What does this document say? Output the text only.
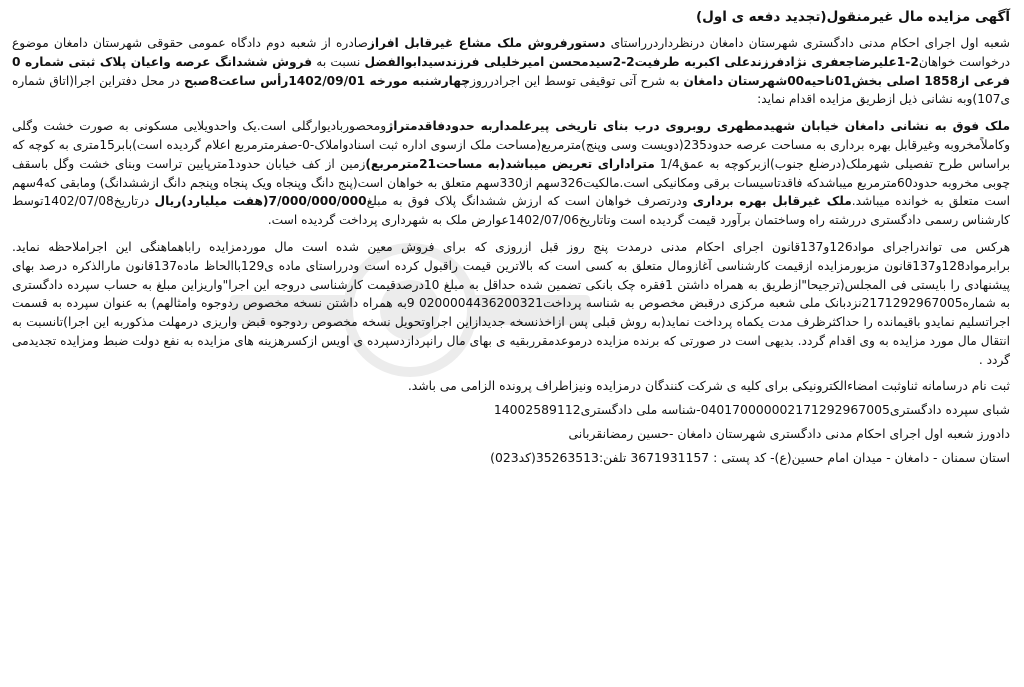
آگهی مزایده مال غیرمنقول(تجدید دفعه ی اول)

شعبه اول اجرای احکام مدنی دادگستری شهرستان دامغان درنظرداردرراستای دستورفروش ملک مشاع غیرقابل افرازصادره از شعبه دوم دادگاه عمومی حقوقی شهرستان دامغان موضوع درخواست خواهان2-1علیرضاجعفری نژادفرزندعلی اکبربه طرفیت2-2سیدمحسن امیرخلیلی فرزندسیدابوالفضل نسبت به فروش ششدانگ عرصه واعیان پلاک ثبتی شماره 0 فرعی از1858 اصلی بخش01ناحیه00شهرستان دامغان به شرح آتی توقیفی توسط این اجرادرروزچهارشنبه مورخه 1402/09/01رأس ساعت8صبح در محل دفتراین اجرا(اتاق شماره ی107)وبه نشانی ذیل ازطریق مزایده اقدام نماید:

ملک فوق به نشانی دامغان خیابان شهیدمطهری روبروی درب بنای تاریخی پیرعلمداربه حدودفاقدمتراژومحصورباديوارگلی است.یک واحدویلایی مسکونی به صورت خشت وگلی وکاملاًمخروبه وغیرقابل بهره برداری به مساحت عرصه حدود235(دویست وسی وپنج)مترمربع(مساحت ملک ازسوی اداره ثبت اسنادواملاک-0-صفرمترمربع اعلام گردیده است)بابر15متری به کوچه که براساس طرح تفصیلی شهرملک(درضلع جنوب)ازبرکوچه به عمق1/4 مترادارای تعریض میباشد(به مساحت21مترمربع)زمین از کف خیابان حدود1مترپایین تراست وبنای خشت وگل باسقف چوبی مخروبه حدود60مترمربع میباشدکه فاقدتاسیسات برقی ومکانیکی است.مالکیت326سهم از330سهم متعلق به خواهان است(پنج دانگ وپنجاه ویک پنجاه وپنجم دانگ ازششدانگ) ومابقی که4سهم است متعلق به خوانده میباشد.ملک غیرقابل بهره برداری ودرتصرف خواهان است که ارزش ششدانگ پلاک فوق به مبلغ7/000/000/000(هفت میلیارد)ریال درتاریخ1402/07/08توسط کارشناس رسمی دادگستری دررشته راه وساختمان برآورد قیمت گردیده است وتاتاریخ1402/07/06عوارض ملک به شهرداری پرداخت گردیده است.

هرکس می تواندراجرای مواد126و137قانون اجرای احکام مدنی درمدت پنج روز قبل ازروزی که برای فروش معین شده است مال موردمزایده راباهماهنگی این اجراملاحظه نماید. برابرمواد128و137قانون مزبورمزایده ازقیمت کارشناسی آغازومال متعلق به کسی است که بالاترین قیمت راقبول کرده است ودرراستای ماده ی129باالحاظ ماده137قانون مارالذکره درصد بهای پیشنهادی را بایستی فی المجلس(ترجیحا"ازطریق به همراه داشتن 1فقره چک بانکی تضمین شده حداقل به مبلغ 10درصدقیمت کارشناسی دروجه این اجرا"واریزاین مبلغ به حساب سپرده دادگستری به شماره2171292967005نزدبانک ملی شعبه مرکزی درقبض مخصوص به شناسه پرداخت0200004436200321 9به همراه داشتن نسخه مخصوص ردوجوه وامثالهم) به عنوان سپرده به قسمت اجراتسلیم نمایدو باقیمانده را حداکثرظرف مدت یکماه پرداخت نماید(به روش قبلی پس ازاخذنسخه جدیدازاین اجراوتحویل نسخه مخصوص ردوجوه قبض واریزی درمهلت مذکوربه این اجرا)تانسبت به انتقال مال مورد مزایده به وی اقدام گردد. بدیهی است در صورتی که برنده مزایده درموعدمقرربقیه ی بهای مال رانپردازدسپرده ی اویس ازکسرهزینه های مزایده به نفع دولت ضبط ومزایده تجدیدمی گردد .

ثبت نام درسامانه ثناوثبت امضاءالکترونیکی برای کلیه ی شرکت کنندگان درمزایده ونیزاطراف پرونده الزامی می باشد.

شبای سپرده دادگستری040170000002171292967005-شناسه ملی دادگستری14002589112

دادورز شعبه اول اجرای احکام مدنی دادگستری شهرستان دامغان -حسین رمضانقربانی

استان سمنان - دامغان - میدان امام حسین(ع)- کد پستی : 3671931157 تلفن:35263513(کد023)
